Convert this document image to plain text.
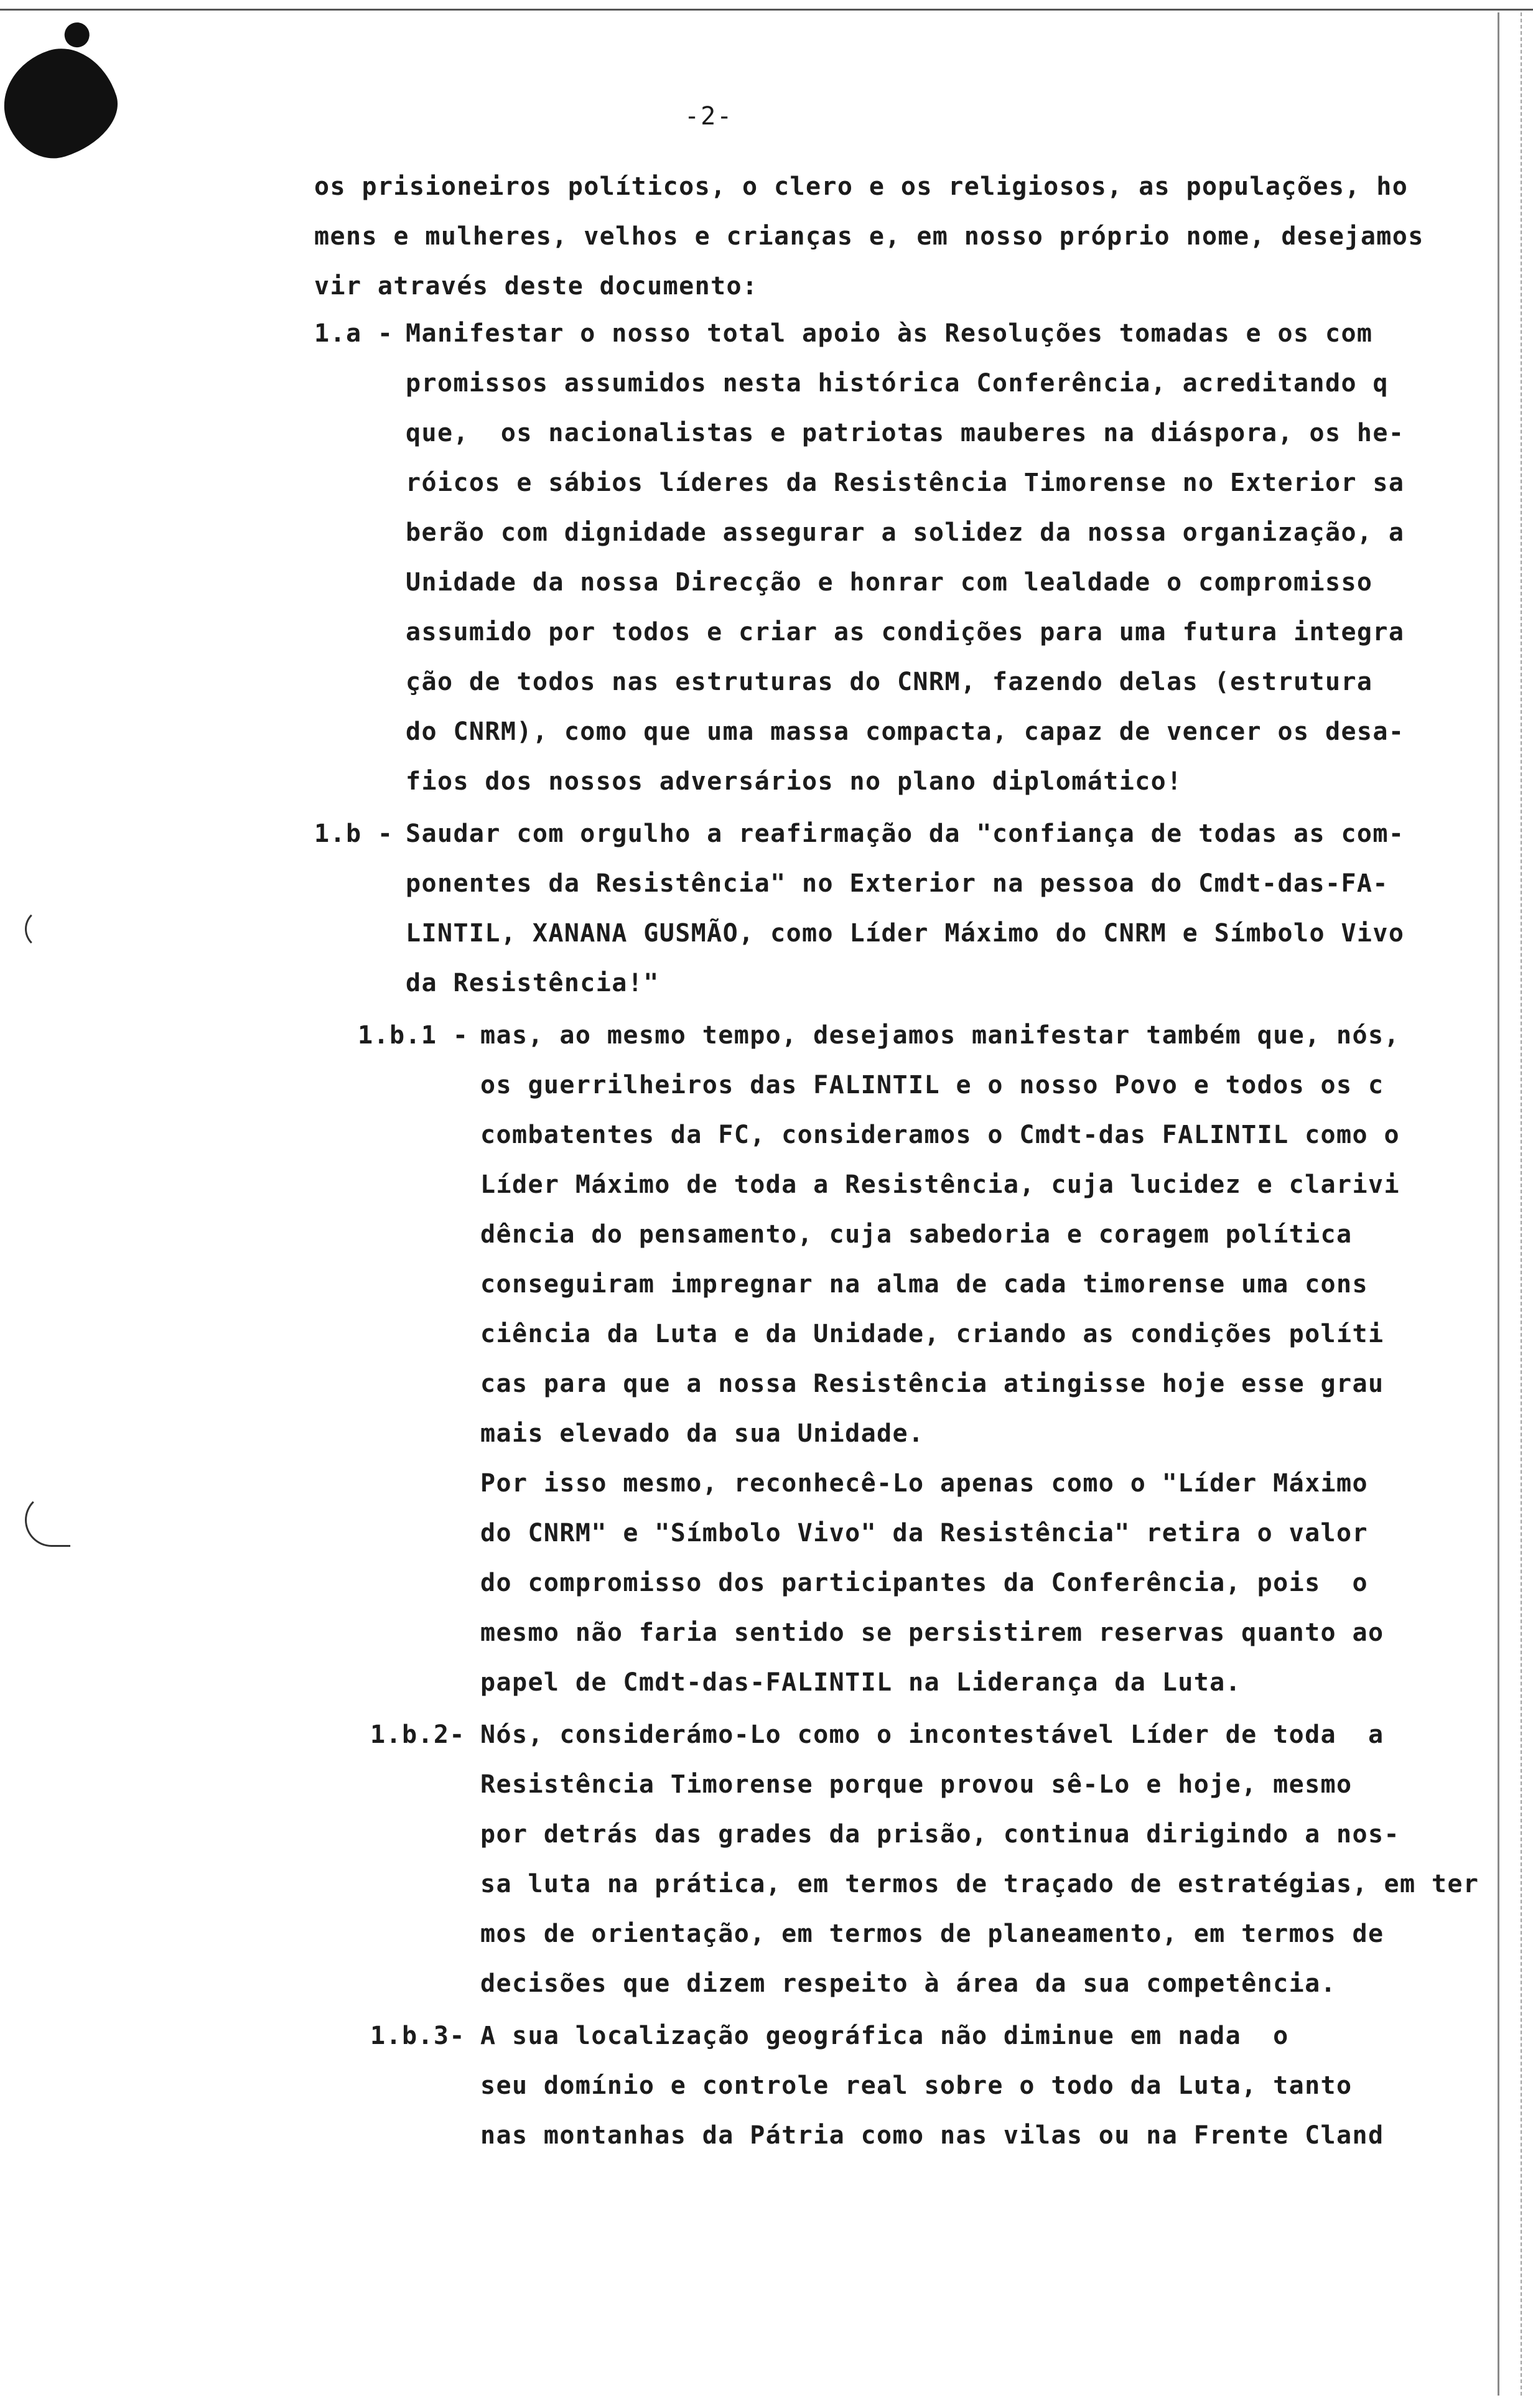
-2-
os prisioneiros políticos, o clero e os religiosos, as populações, ho
mens e mulheres, velhos e crianças e, em nosso próprio nome, desejamos
vir através deste documento:
1.a - Manifestar o nosso total apoio às Resoluções tomadas e os com
promissos assumidos nesta histórica Conferência, acreditando q
que,  os nacionalistas e patriotas mauberes na diáspora, os he-
róicos e sábios líderes da Resistência Timorense no Exterior sa
berão com dignidade assegurar a solidez da nossa organização, a
Unidade da nossa Direcção e honrar com lealdade o compromisso
assumido por todos e criar as condições para uma futura integra
ção de todos nas estruturas do CNRM, fazendo delas (estrutura
do CNRM), como que uma massa compacta, capaz de vencer os desa-
fios dos nossos adversários no plano diplomático!
1.b - Saudar com orgulho a reafirmação da "confiança de todas as com-
ponentes da Resistência" no Exterior na pessoa do Cmdt-das-FA-
LINTIL, XANANA GUSMÃO, como Líder Máximo do CNRM e Símbolo Vivo
da Resistência!"
1.b.1 - mas, ao mesmo tempo, desejamos manifestar também que, nós,
os guerrilheiros das FALINTIL e o nosso Povo e todos os c
combatentes da FC, consideramos o Cmdt-das FALINTIL como o
Líder Máximo de toda a Resistência, cuja lucidez e clarivi
dência do pensamento, cuja sabedoria e coragem política
conseguiram impregnar na alma de cada timorense uma cons
ciência da Luta e da Unidade, criando as condições políti
cas para que a nossa Resistência atingisse hoje esse grau
mais elevado da sua Unidade.
Por isso mesmo, reconhecê-Lo apenas como o "Líder Máximo
do CNRM" e "Símbolo Vivo" da Resistência" retira o valor
do compromisso dos participantes da Conferência, pois  o
mesmo não faria sentido se persistirem reservas quanto ao
papel de Cmdt-das-FALINTIL na Liderança da Luta.
1.b.2- Nós, considerámo-Lo como o incontestável Líder de toda  a
Resistência Timorense porque provou sê-Lo e hoje, mesmo
por detrás das grades da prisão, continua dirigindo a nos-
sa luta na prática, em termos de traçado de estratégias, em ter
mos de orientação, em termos de planeamento, em termos de
decisões que dizem respeito à área da sua competência.
1.b.3- A sua localização geográfica não diminue em nada  o
seu domínio e controle real sobre o todo da Luta, tanto
nas montanhas da Pátria como nas vilas ou na Frente Cland
